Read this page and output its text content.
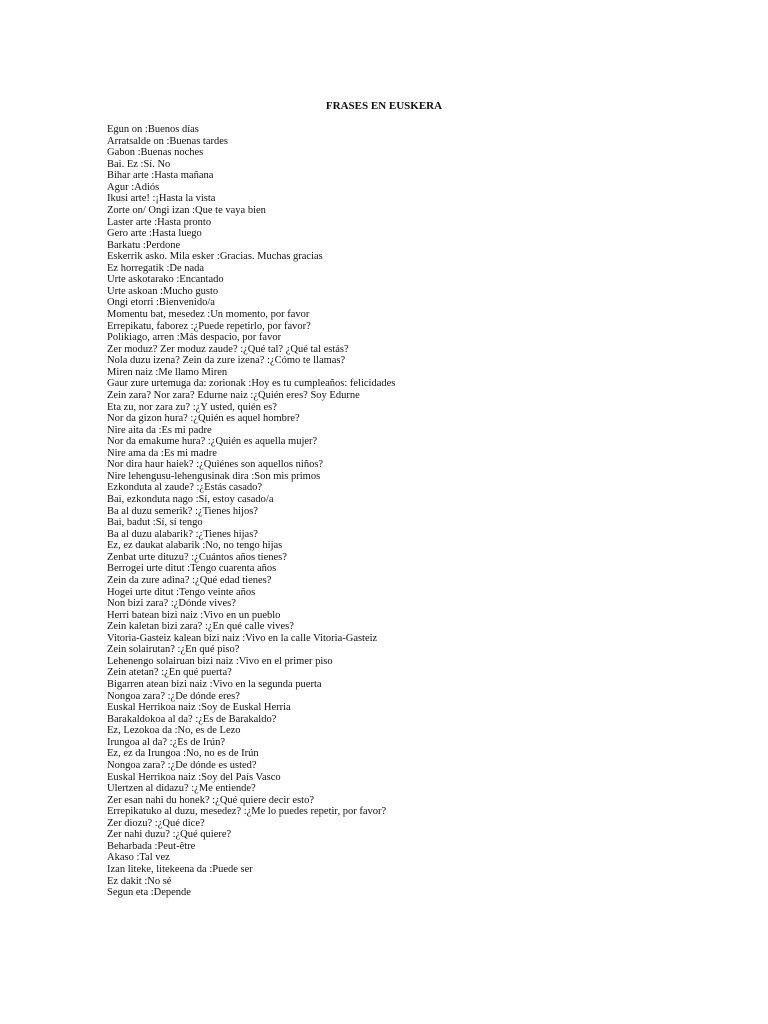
FRASES EN EUSKERA
Egun on :Buenos días
Arratsalde on :Buenas tardes
Gabon :Buenas noches
Bai. Ez :Sí. No
Bihar arte :Hasta mañana
Agur :Adiós
Ikusi arte! :¡Hasta la vista
Zorte on/ Ongi izan :Que te vaya bien
Laster arte :Hasta pronto
Gero arte :Hasta luego
Barkatu :Perdone
Eskerrik asko. Mila esker :Gracias. Muchas gracias
Ez horregatik :De nada
Urte askotarako :Encantado
Urte askoan :Mucho gusto
Ongi etorri :Bienvenido/a
Momentu bat, mesedez :Un momento, por favor
Errepikatu, faborez :¿Puede repetirlo, por favor?
Polikiago, arren :Más despacio, por favor
Zer moduz? Zer moduz zaude? :¿Qué tal? ¿Qué tal estás?
Nola duzu izena? Zein da zure izena? :¿Cómo te llamas?
Miren naiz :Me llamo Miren
Gaur zure urtemuga da: zorionak :Hoy es tu cumpleaños: felicidades
Zein zara? Nor zara? Edurne naiz :¿Quién eres? Soy Edurne
Eta zu, nor zara zu? :¿Y usted, quién es?
Nor da gizon hura? :¿Quién es aquel hombre?
Nire aita da :Es mi padre
Nor da emakume hura? :¿Quién es aquella mujer?
Nire ama da :Es mi madre
Nor dira haur haiek? :¿Quiénes son aquellos niños?
Nire lehengusu-lehengusinak dira :Son mis primos
Ezkonduta al zaude? :¿Estás casado?
Bai, ezkonduta nago :Sí, estoy casado/a
Ba al duzu semerik? :¿Tienes hijos?
Bai, badut :Sí, sí tengo
Ba al duzu alabarik? :¿Tienes hijas?
Ez, ez daukat alabarik :No, no tengo hijas
Zenbat urte dituzu? :¿Cuántos años tienes?
Berrogei urte ditut :Tengo cuarenta años
Zein da zure adina? :¿Qué edad tienes?
Hogei urte ditut :Tengo veinte años
Non bizi zara? :¿Dónde vives?
Herri batean bizi naiz :Vivo en un pueblo
Zein kaletan bizi zara? :¿En qué calle vives?
Vitoria-Gasteiz kalean bizi naiz :Vivo en la calle Vitoria-Gasteiz
Zein solairutan? :¿En qué piso?
Lehenengo solairuan bizi naiz :Vivo en el primer piso
Zein atetan? :¿En qué puerta?
Bigarren atean bizi naiz :Vivo en la segunda puerta
Nongoa zara? :¿De dónde eres?
Euskal Herrikoa naiz :Soy de Euskal Herria
Barakaldokoa al da? :¿Es de Barakaldo?
Ez, Lezokoa da :No, es de Lezo
Irungoa al da? :¿Es de Irún?
Ez, ez da Irungoa :No, no es de Irún
Nongoa zara? :¿De dónde es usted?
Euskal Herrikoa naiz :Soy del País Vasco
Ulertzen al didazu? :¿Me entiende?
Zer esan nahi du honek? :¿Qué quiere decir esto?
Errepikatuko al duzu, mesedez? :¿Me lo puedes repetir, por favor?
Zer diozu? :¿Qué dice?
Zer nahi duzu? :¿Qué quiere?
Beharbada :Peut-être
Akaso :Tal vez
Izan liteke, litekeena da :Puede ser
Ez dakit :No sé
Segun eta :Depende
